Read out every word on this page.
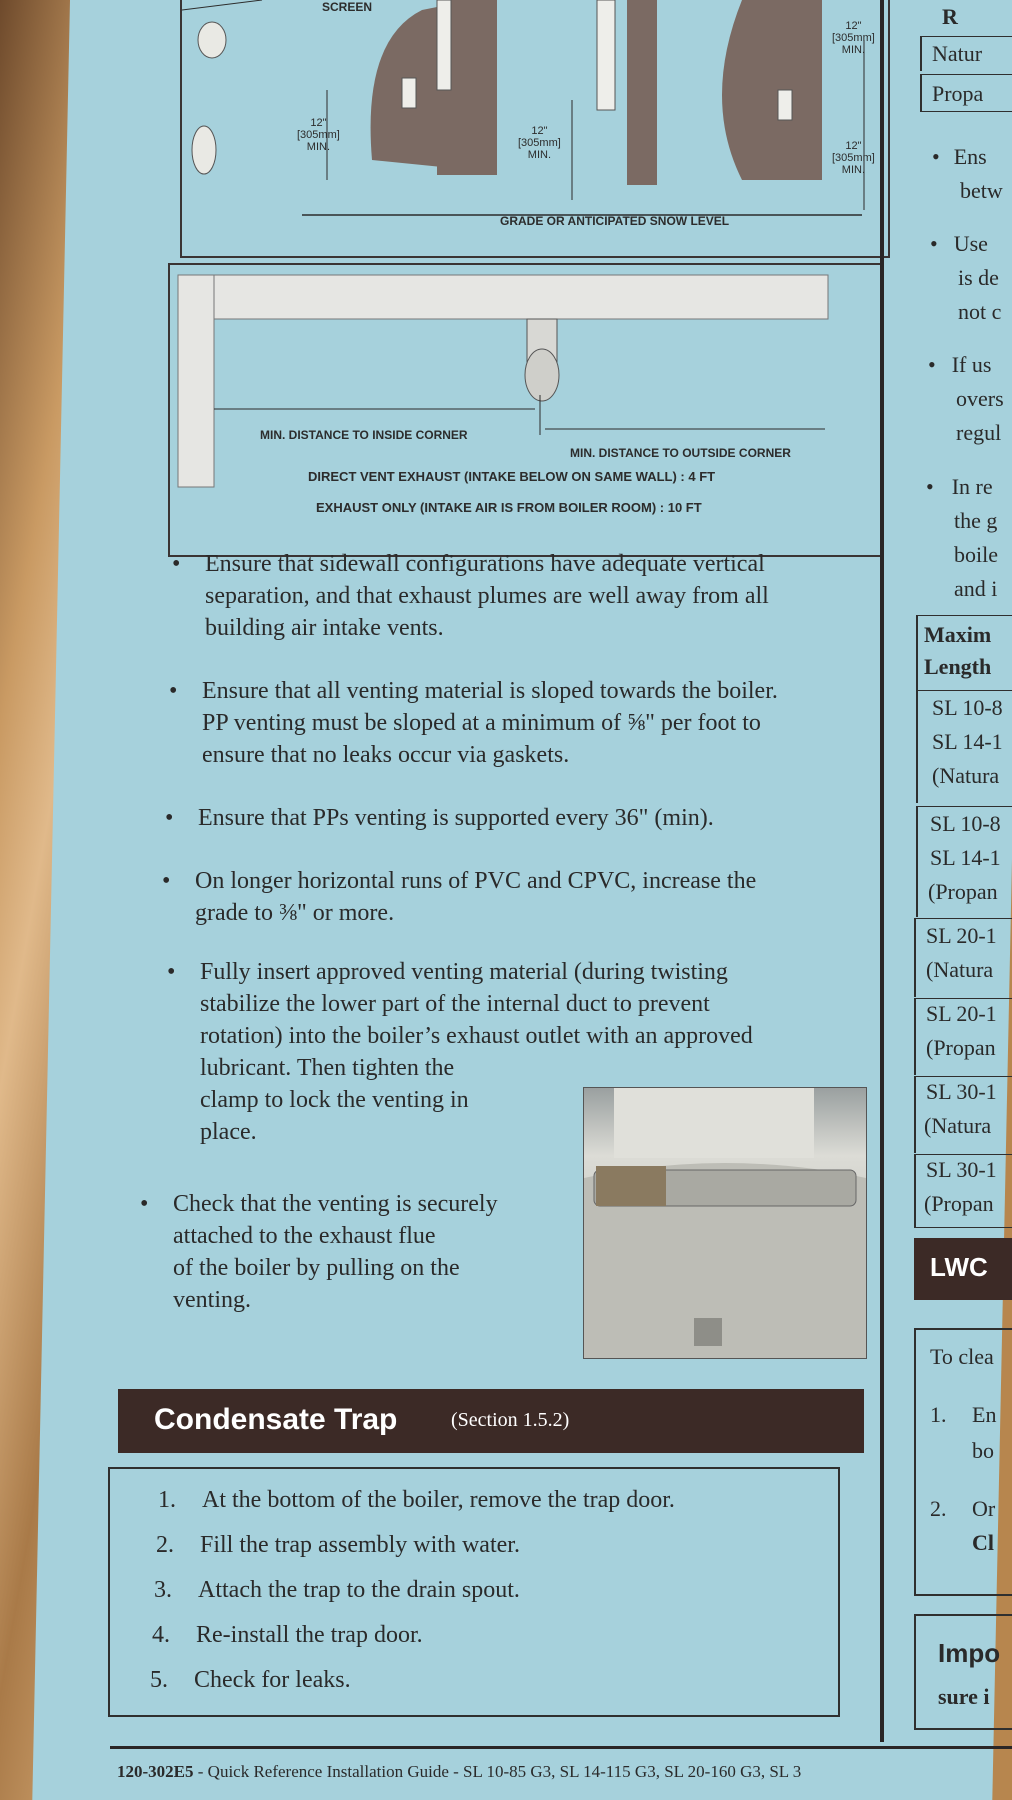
SCREEN
12"
[305mm]
MIN.
12"
[305mm]
MIN.
12"
[305mm]
MIN.
12"
[305mm]
MIN.
GRADE OR ANTICIPATED SNOW LEVEL
MIN. DISTANCE TO INSIDE CORNER
MIN. DISTANCE TO OUTSIDE CORNER
DIRECT VENT EXHAUST (INTAKE BELOW ON SAME WALL) : 4 FT
EXHAUST ONLY (INTAKE AIR IS FROM BOILER ROOM) : 10 FT
• Ensure that sidewall configurations have adequate vertical
separation, and that exhaust plumes are well away from all
building air intake vents.
• Ensure that all venting material is sloped towards the boiler.
PP venting must be sloped at a minimum of ⅝" per foot to
ensure that no leaks occur via gaskets.
• Ensure that PPs venting is supported every 36" (min).
• On longer horizontal runs of PVC and CPVC, increase the
grade to ⅜" or more.
• Fully insert approved venting material (during twisting
stabilize the lower part of the internal duct to prevent
rotation) into the boiler’s exhaust outlet with an approved
lubricant. Then tighten the
clamp to lock the venting in
place.
• Check that the venting is securely
attached to the exhaust flue
of the boiler by pulling on the
venting.
Condensate Trap	(Section 1.5.2)
1. At the bottom of the boiler, remove the trap door.
2. Fill the trap assembly with water.
3. Attach the trap to the drain spout.
4. Re-install the trap door.
5. Check for leaks.
R
Natur
Propa
• Ens
betw
• Use
is de
not c
• If us
overs
regul
• In re
the g
boile
and i
Maxim
Length
SL 10-8
SL 14-1
(Natura
SL 10-8
SL 14-1
(Propan
SL 20-1
(Natura
SL 20-1
(Propan
SL 30-1
(Natura
SL 30-1
(Propan
LWC
To clea
1. En
bo
2. Or
Cl
Impo
sure i
120-302E5 - Quick Reference Installation Guide - SL 10-85 G3, SL 14-115 G3, SL 20-160 G3, SL 3
